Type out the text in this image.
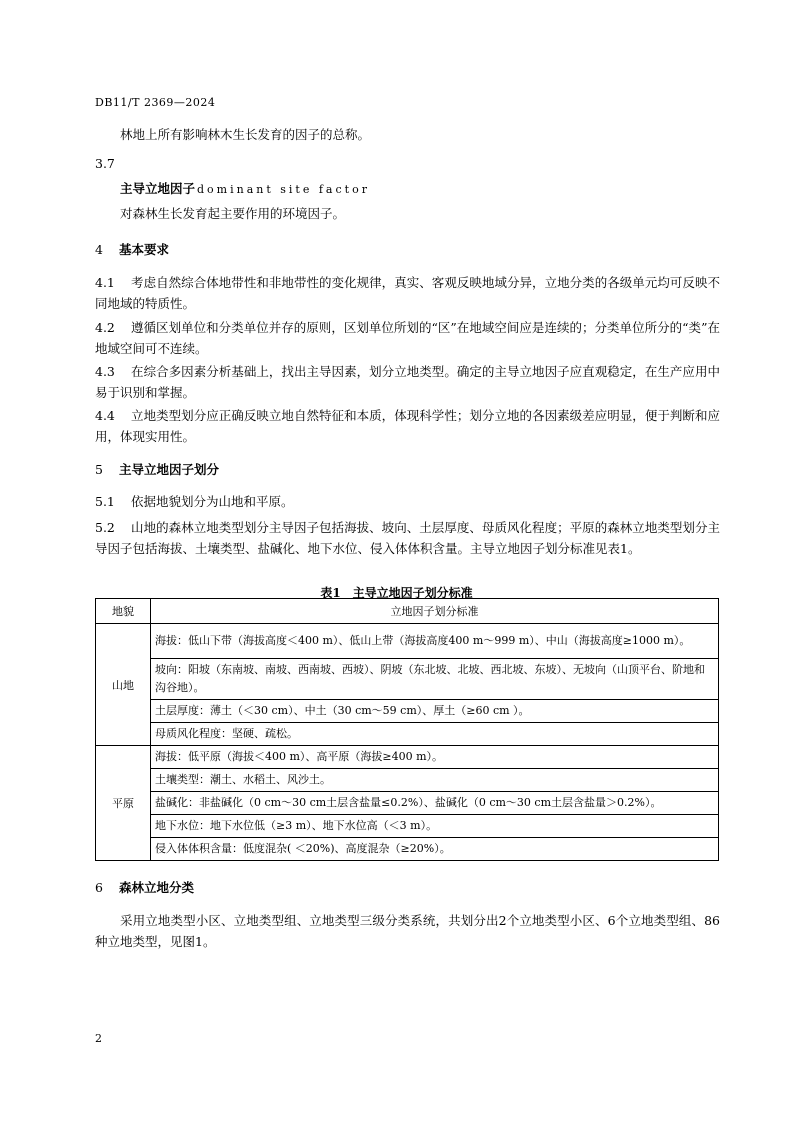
DB11/T 2369—2024
林地上所有影响林木生长发育的因子的总称。
3.7
主导立地因子 dominant site factor
对森林生长发育起主要作用的环境因子。
4 基本要求
4.1 考虑自然综合体地带性和非地带性的变化规律，真实、客观反映地域分异，立地分类的各级单元均可反映不同地域的特质性。
4.2 遵循区划单位和分类单位并存的原则，区划单位所划的“区”在地域空间应是连续的；分类单位所分的“类”在地域空间可不连续。
4.3 在综合多因素分析基础上，找出主导因素，划分立地类型。确定的主导立地因子应直观稳定，在生产应用中易于识别和掌握。
4.4 立地类型划分应正确反映立地自然特征和本质，体现科学性；划分立地的各因素级差应明显，便于判断和应用，体现实用性。
5 主导立地因子划分
5.1 依据地貌划分为山地和平原。
5.2 山地的森林立地类型划分主导因子包括海拔、坡向、土层厚度、母质风化程度；平原的森林立地类型划分主导因子包括海拔、土壤类型、盐碱化、地下水位、侵入体体积含量。主导立地因子划分标准见表1。
表1　主导立地因子划分标准
地貌	立地因子划分标准
山地	海拔：低山下带（海拔高度＜400 m）、低山上带（海拔高度400 m～999 m）、中山（海拔高度≥1000 m）。
	坡向：阳坡（东南坡、南坡、西南坡、西坡）、阴坡（东北坡、北坡、西北坡、东坡）、无坡向（山顶平台、阶地和沟谷地）。
	土层厚度：薄土（＜30 cm）、中土（30 cm～59 cm）、厚土（≥60 cm ）。
	母质风化程度：坚硬、疏松。
平原	海拔：低平原（海拔＜400 m）、高平原（海拔≥400 m）。
	土壤类型：潮土、水稻土、风沙土。
	盐碱化：非盐碱化（0 cm～30 cm土层含盐量≤0.2%）、盐碱化（0 cm～30 cm土层含盐量＞0.2%）。
	地下水位：地下水位低（≥3 m）、地下水位高（＜3 m）。
	侵入体体积含量：低度混杂( ＜20%)、高度混杂（≥20%）。
6 森林立地分类
采用立地类型小区、立地类型组、立地类型三级分类系统，共划分出2个立地类型小区、6个立地类型组、86种立地类型，见图1。
2
